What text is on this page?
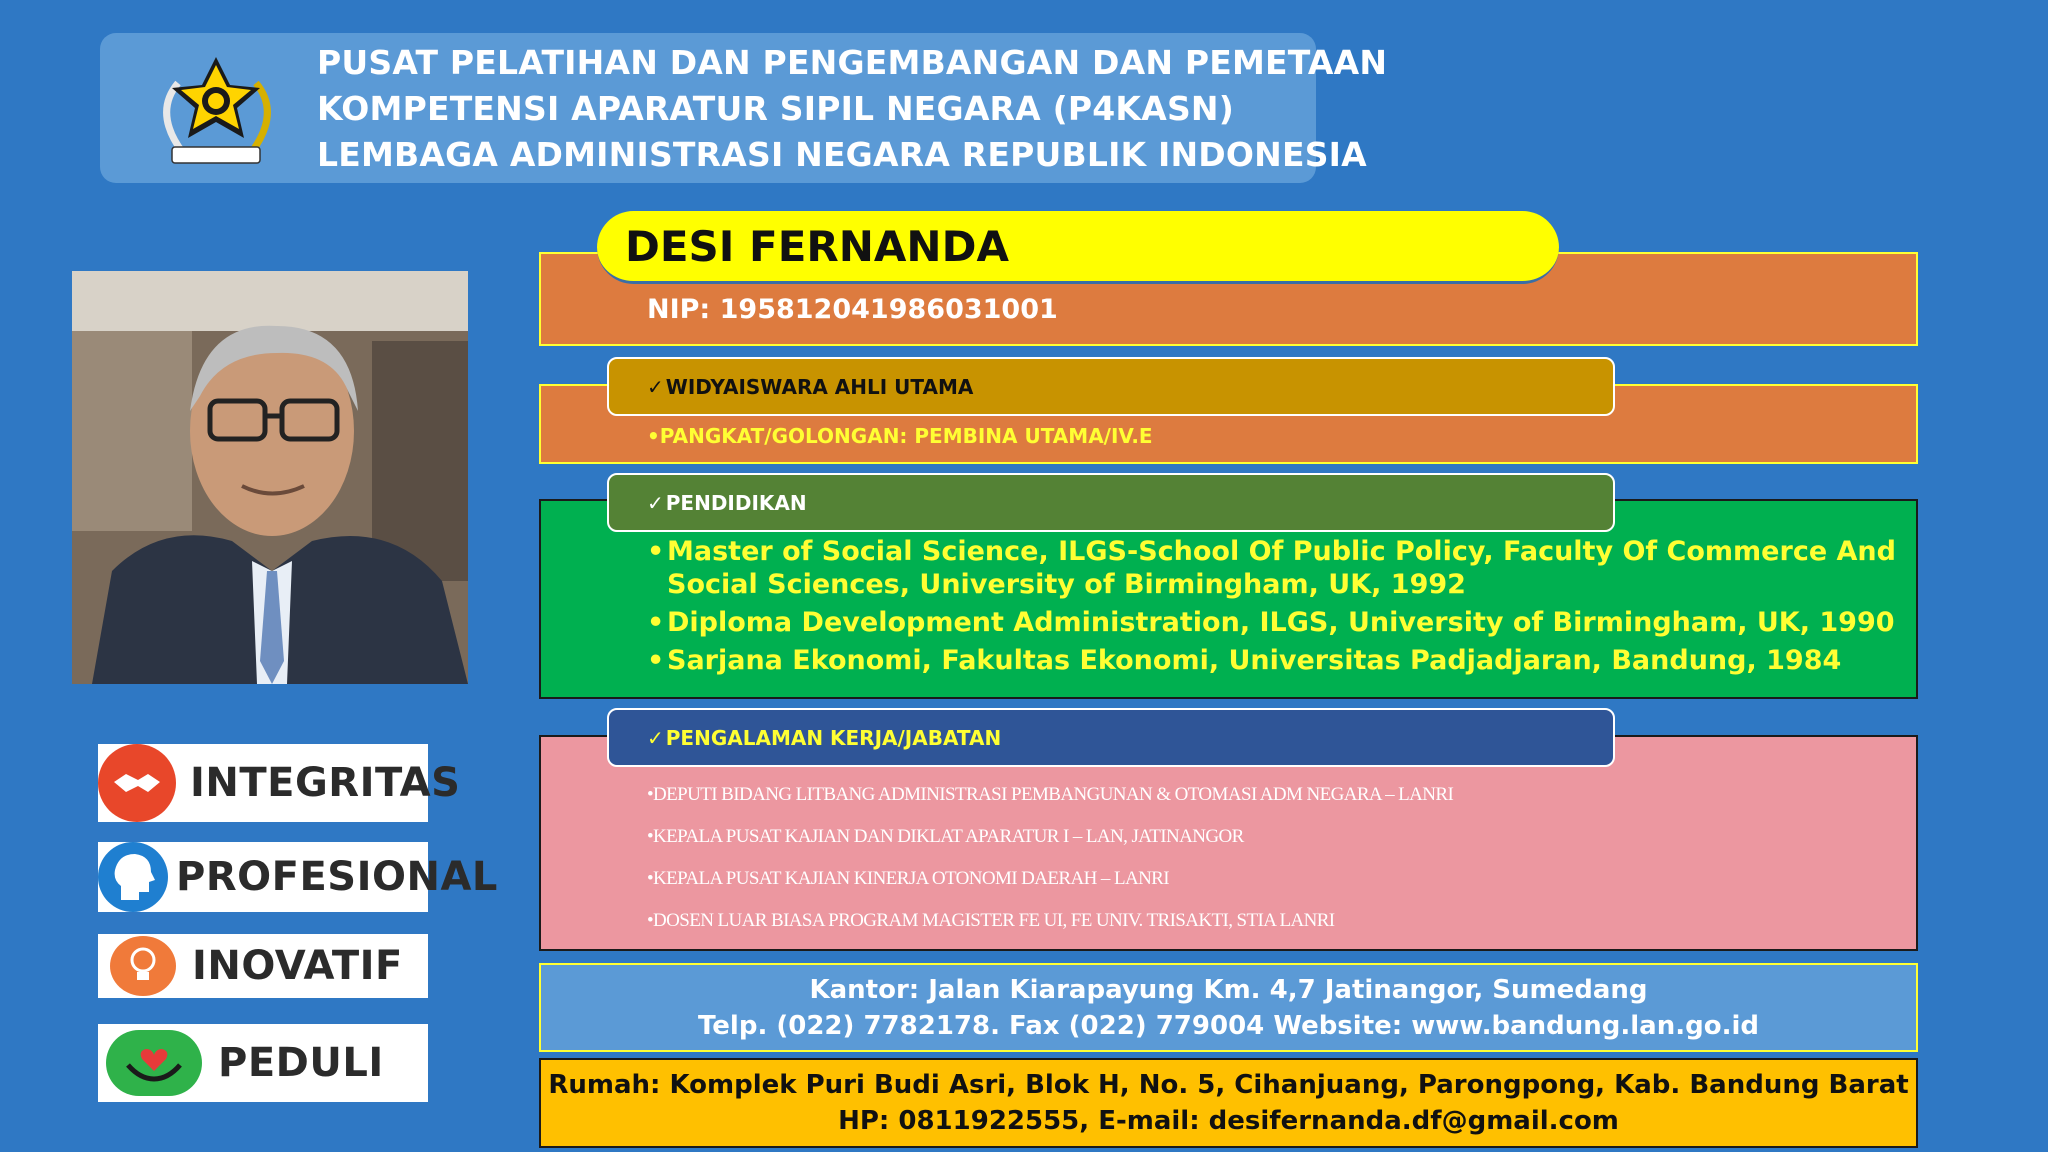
PUSAT PELATIHAN DAN PENGEMBANGAN DAN PEMETAAN
KOMPETENSI APARATUR SIPIL NEGARA (P4KASN)
LEMBAGA ADMINISTRASI NEGARA REPUBLIK INDONESIA
INTEGRITAS
PROFESIONAL
INOVATIF
PEDULI
DESI FERNANDA
NIP: 195812041986031001
✓ WIDYAISWARA AHLI UTAMA
•PANGKAT/GOLONGAN: PEMBINA UTAMA/IV.E
✓ PENDIDIKAN
• Master of Social Science, ILGS-School Of Public Policy, Faculty Of Commerce And Social Sciences, University of Birmingham, UK, 1992
• Diploma Development Administration, ILGS, University of Birmingham, UK, 1990
• Sarjana Ekonomi, Fakultas Ekonomi, Universitas Padjadjaran, Bandung, 1984
✓ PENGALAMAN KERJA/JABATAN
•DEPUTI BIDANG LITBANG ADMINISTRASI PEMBANGUNAN & OTOMASI ADM NEGARA – LANRI
•KEPALA PUSAT KAJIAN DAN DIKLAT APARATUR I – LAN, JATINANGOR
•KEPALA PUSAT KAJIAN KINERJA OTONOMI DAERAH – LANRI
•DOSEN LUAR BIASA PROGRAM MAGISTER FE UI, FE UNIV. TRISAKTI, STIA LANRI
Kantor: Jalan Kiarapayung Km. 4,7 Jatinangor, Sumedang
Telp. (022) 7782178. Fax (022) 779004 Website: www.bandung.lan.go.id
Rumah: Komplek Puri Budi Asri, Blok H, No. 5, Cihanjuang, Parongpong, Kab. Bandung Barat
HP: 0811922555, E-mail: desifernanda.df@gmail.com
